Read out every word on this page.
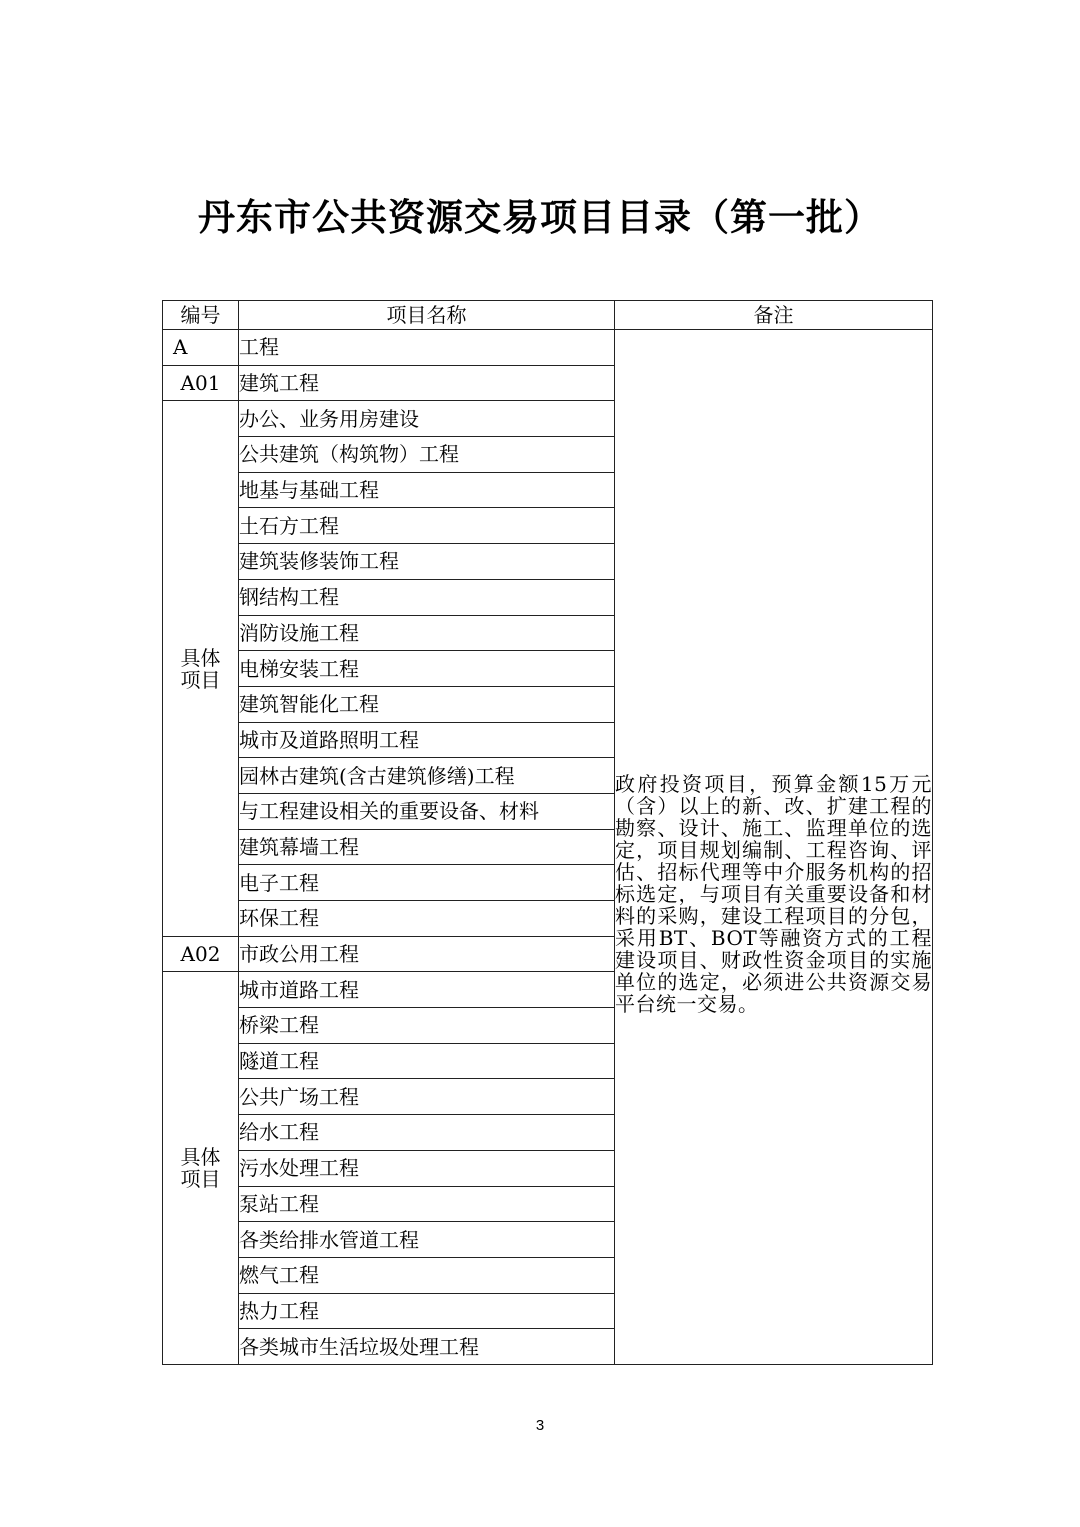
丹东市公共资源交易项目目录（第一批）
编号	项目名称	备注
A	工程	政府投资项目，预算金额15万元（含）以上的新、改、扩建工程的勘察、设计、施工、监理单位的选定，项目规划编制、工程咨询、评估、招标代理等中介服务机构的招标选定，与项目有关重要设备和材料的采购，建设工程项目的分包，采用BT、BOT等融资方式的工程建设项目、财政性资金项目的实施单位的选定，必须进公共资源交易平台统一交易。

A01	建筑工程	

具体
项目	办公、业务用房建设	
	公共建筑（构筑物）工程	
	地基与基础工程	
	土石方工程	
	建筑装修装饰工程	
	钢结构工程	
	消防设施工程	
	电梯安装工程	
	建筑智能化工程	
	城市及道路照明工程	
	园林古建筑(含古建筑修缮)工程	
	与工程建设相关的重要设备、材料	
	建筑幕墙工程	
	电子工程	
	环保工程	
A02	市政公用工程	

具体
项目	城市道路工程	
	桥梁工程	
	隧道工程	
	公共广场工程	
	给水工程	
	污水处理工程	
	泵站工程	
	各类给排水管道工程	
	燃气工程	
	热力工程	
	各类城市生活垃圾处理工程	
3
